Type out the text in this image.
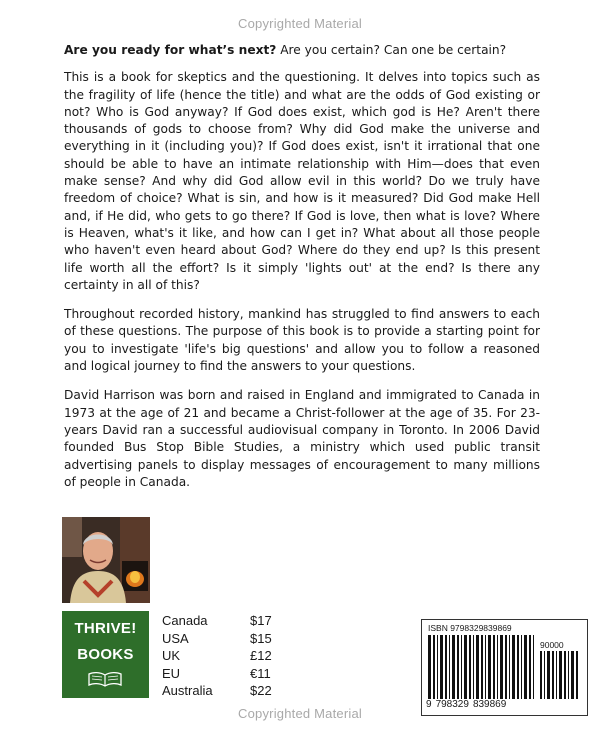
Copyrighted Material

Are you ready for what’s next? Are you certain? Can one be certain?

This is a book for skeptics and the questioning. It delves into topics such as the fragility of life (hence the title) and what are the odds of God existing or not? Who is God anyway? If God does exist, which god is He? Aren't there thousands of gods to choose from? Why did God make the universe and everything in it (including you)? If God does exist, isn't it irrational that one should be able to have an intimate relationship with Him—does that even make sense? And why did God allow evil in this world? Do we truly have freedom of choice? What is sin, and how is it measured? Did God make Hell and, if He did, who gets to go there? If God is love, then what is love? Where is Heaven, what's it like, and how can I get in? What about all those people who haven't even heard about God? Where do they end up? Is this present life worth all the effort? Is it simply 'lights out' at the end? Is there any certainty in all of this?

Throughout recorded history, mankind has struggled to find answers to each of these questions. The purpose of this book is to provide a starting point for you to investigate 'life's big questions' and allow you to follow a reasoned and logical journey to find the answers to your questions.

David Harrison was born and raised in England and immigrated to Canada in 1973 at the age of 21 and became a Christ-follower at the age of 35. For 23-years David ran a successful audiovisual company in Toronto. In 2006 David founded Bus Stop Bible Studies, a ministry which used public transit advertising panels to display messages of encouragement to many millions of people in Canada.

THRIVE!
BOOKS
Canada	$17
USA	$15
UK	£12
EU	€11
Australia	$22
ISBN 9798329839869
90000
9 798329 839869
Copyrighted Material
